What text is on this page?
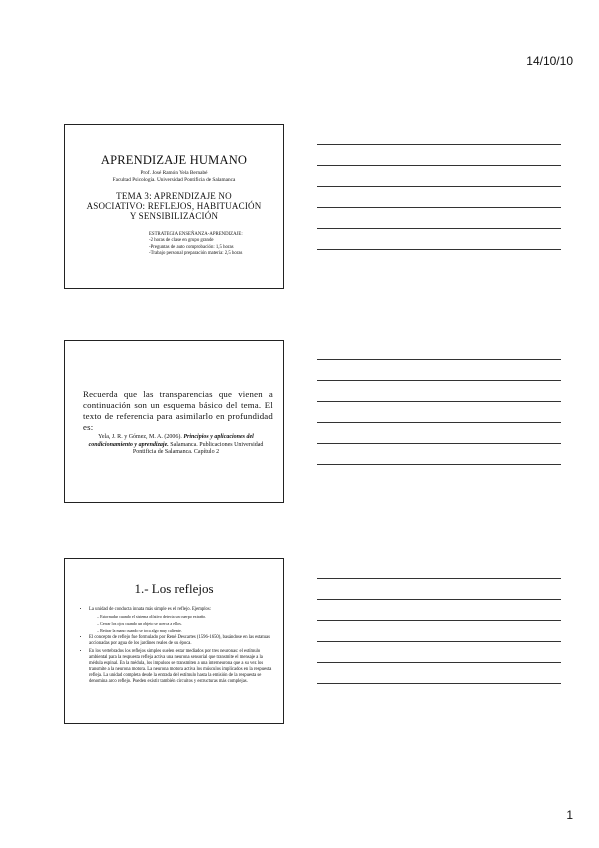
14/10/10
APRENDIZAJE HUMANO
Prof. José Ramón Yela Bernabé
Facultad Psicología. Universidad Pontificia de Salamanca
TEMA 3: APRENDIZAJE NO
ASOCIATIVO: REFLEJOS, HABITUACIÓN
Y SENSIBILIZACIÓN
ESTRATEGIA ENSEÑANZA-APRENDIZAJE:
-2 horas de clase en grupo grande
-Preguntas de auto comprobación: 1,5 horas
-Trabajo personal preparación materia: 2,5 horas
Recuerda que las transparencias que vienen a continuación son un esquema básico del tema. El texto de referencia para asimilarlo en profundidad es:
Yela, J. R. y Gómez, M. A. (2006). Principios y aplicaciones del condicionamiento y aprendizaje. Salamanca. Publicaciones Universidad Pontificia de Salamanca. Capítulo 2
1.- Los reflejos
• La unidad de conducta innata más simple es el reflejo. Ejemplos:
– Estornudar cuando el sistema olfativo detecta un cuerpo extraño.
– Cerrar los ojos cuando un objeto se acerca a ellos.
– Retirar la mano cuando se toca algo muy caliente.
• El concepto de reflejo fue formulado por René Descartes (1596-1650), basándose en las estatuas accionadas por agua de los jardines reales de su época.
• En los vertebrados los reflejos simples suelen estar mediados por tres neuronas: el estímulo ambiental para la respuesta refleja activa una neurona sensorial que transmite el mensaje a la médula espinal. En la médula, los impulsos se transmiten a una interneurona que a su vez los transmite a la neurona motora. La neurona motora activa los músculos implicados en la respuesta refleja. La unidad completa desde la entrada del estímulo hasta la emisión de la respuesta se denomina arco reflejo. Pueden existir también circuitos y estructuras más complejas.
1
